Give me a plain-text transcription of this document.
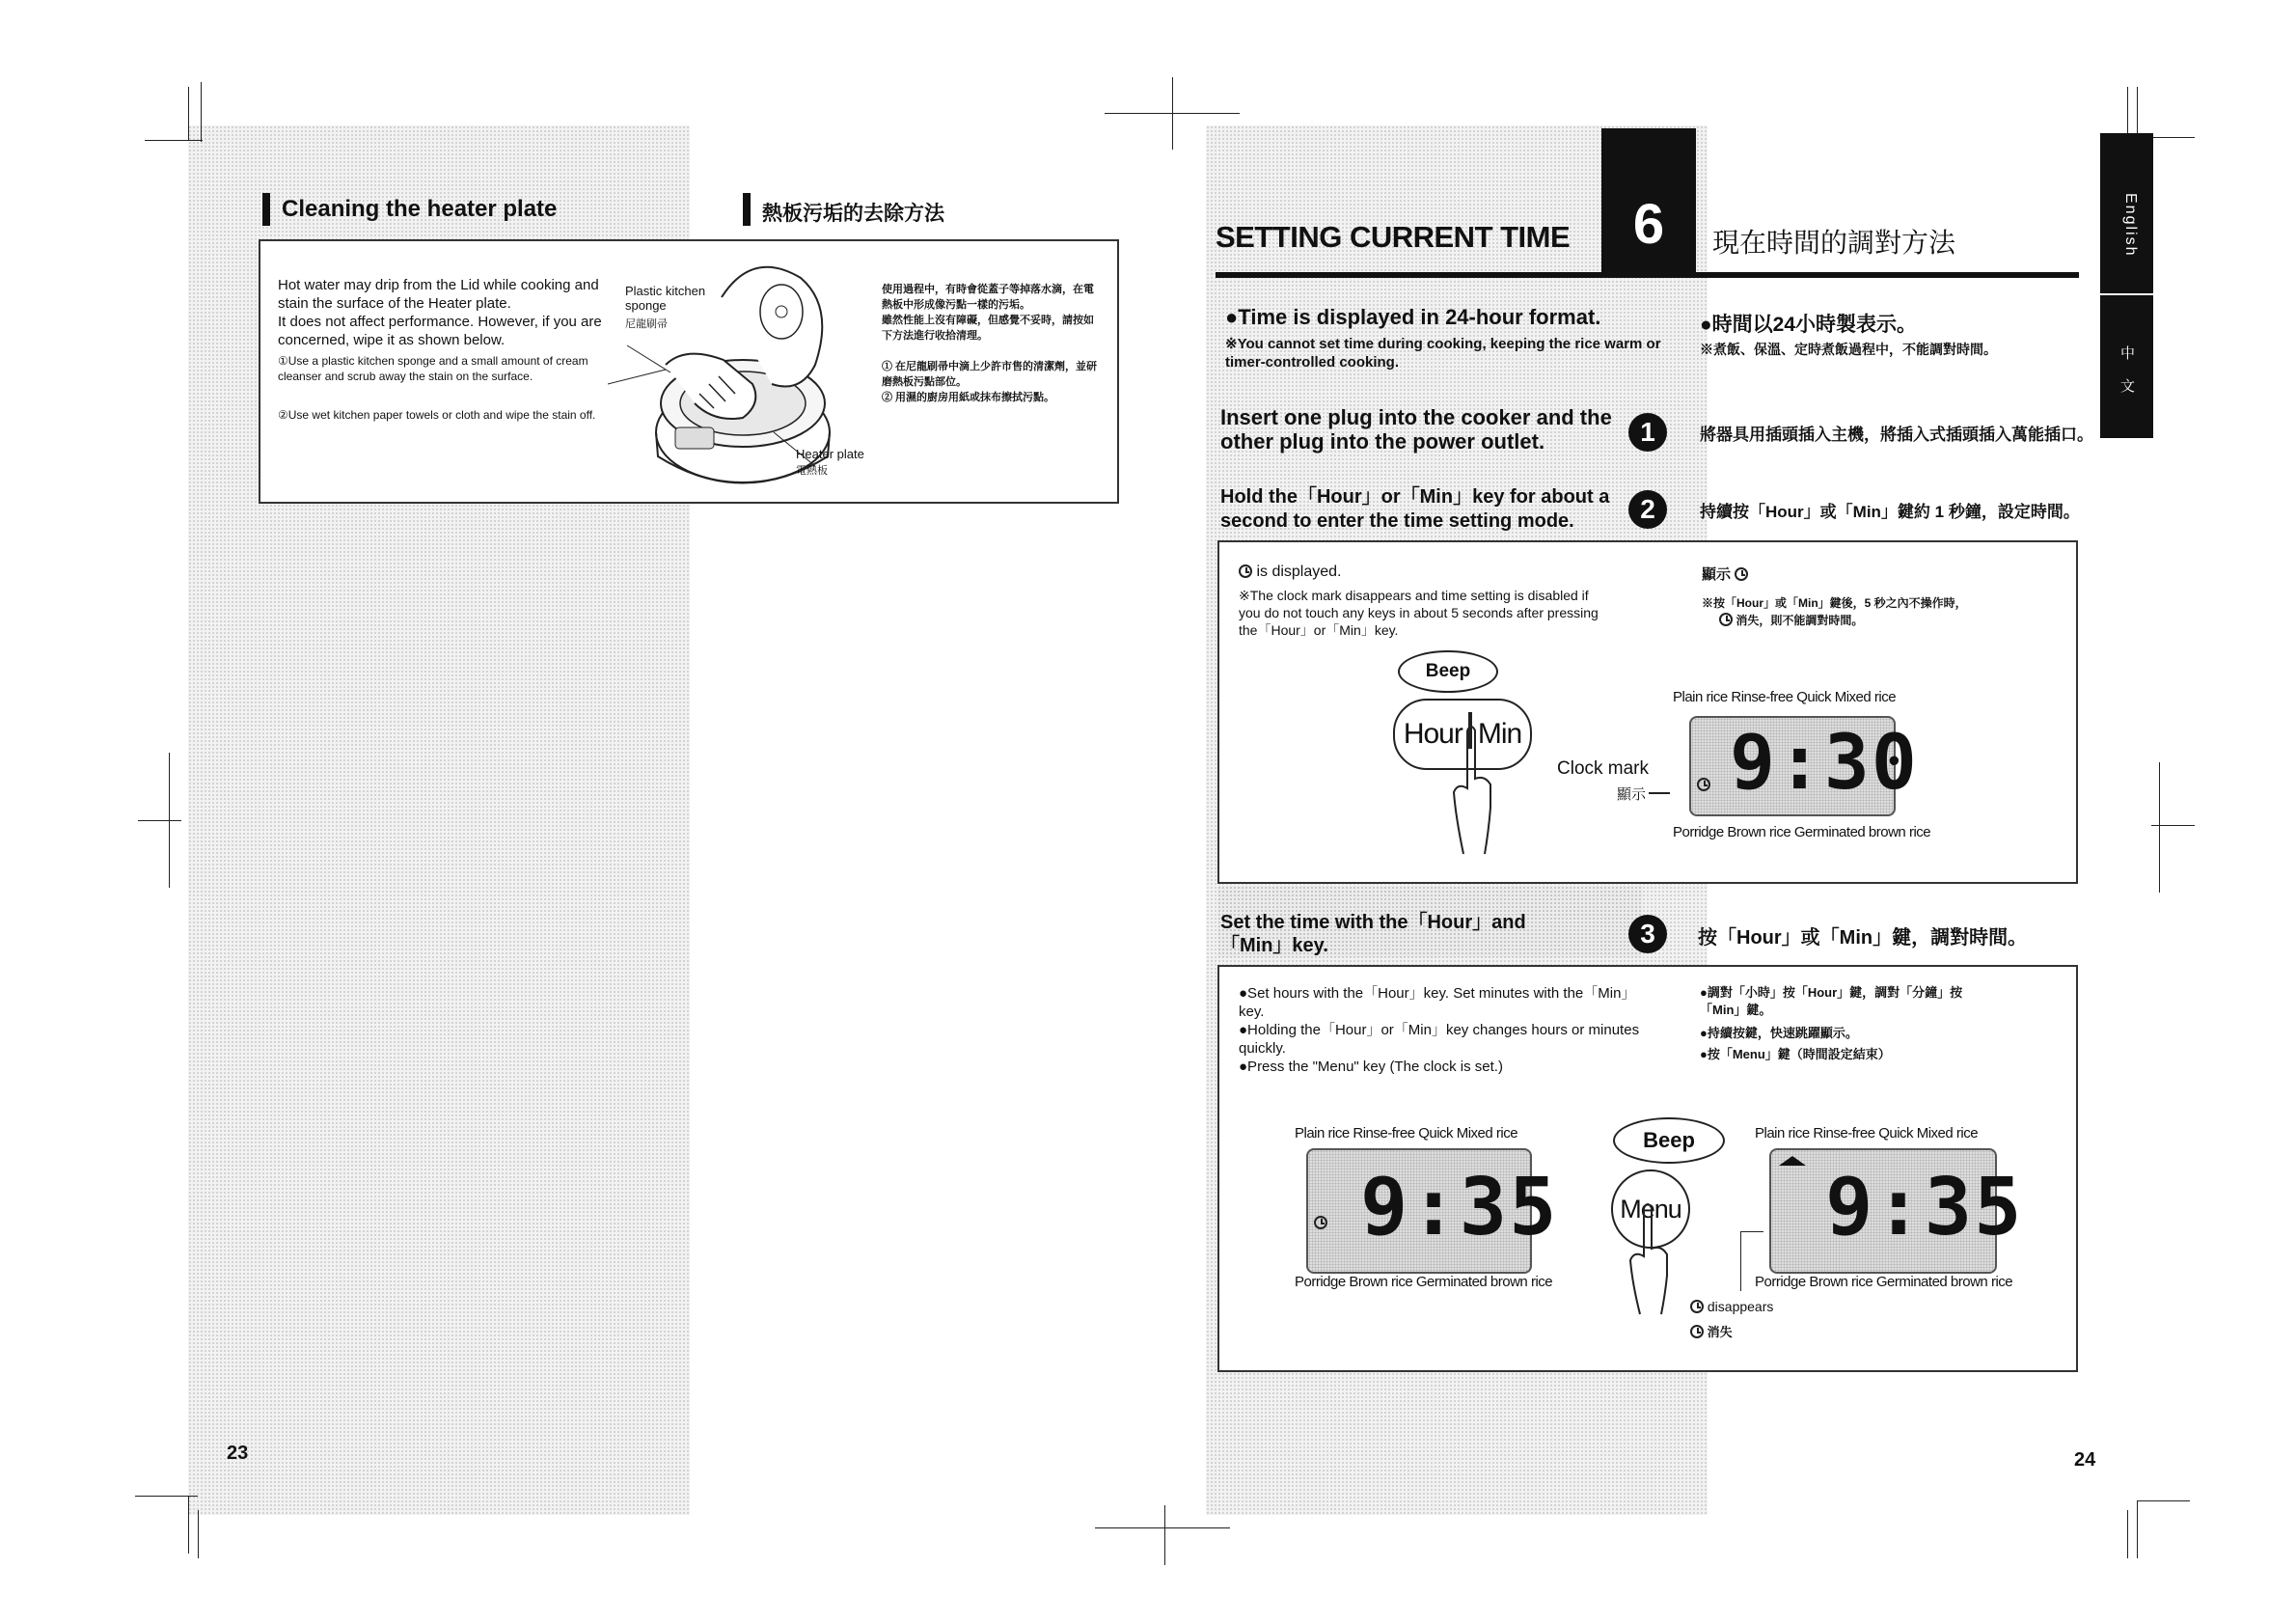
Cleaning the heater plate	熱板污垢的去除方法
Hot water may drip from the Lid while cooking and stain the surface of the Heater plate.
It does not affect performance. However, if you are concerned, wipe it as shown below.
①Use a plastic kitchen sponge and a small amount of cream cleanser and scrub away the stain on the surface.
②Use wet kitchen paper towels or cloth and wipe the stain off.
Plastic kitchen sponge
尼龍刷帚
Heater plate
電熱板
使用過程中，有時會從蓋子等掉落水滴，在電熱板中形成像污點一樣的污垢。
雖然性能上沒有障礙，但感覺不妥時，請按如下方法進行收拾清理。
① 在尼龍刷帚中滴上少許市售的清潔劑，並研磨熱板污點部位。
② 用濕的廚房用紙或抹布擦拭污點。
23
SETTING CURRENT TIME	6	現在時間的調對方法	English
中 文
●Time is displayed in 24-hour format.
※You cannot set time during cooking, keeping the rice warm or timer-controlled cooking.
●時間以24小時製表示。
※煮飯、保溫、定時煮飯過程中，不能調對時間。
Insert one plug into the cooker and the other plug into the power outlet.	1	將器具用插頭插入主機，將插入式插頭插入萬能插口。
Hold the「Hour」or「Min」key for about a second to enter the time setting mode.	2	持續按「Hour」或「Min」鍵約 1 秒鐘，設定時間。
is displayed.
※The clock mark disappears and time setting is disabled if you do not touch any keys in about 5 seconds after pressing the「Hour」or「Min」key.
顯示
※按「Hour」或「Min」鍵後，5 秒之內不操作時，
消失，則不能調對時間。
Beep
Hour Min
Clock mark
顯示
Plain rice Rinse-free Quick Mixed rice
9:30
Porridge Brown rice Germinated brown rice
Set the time with the「Hour」and「Min」key.	3	按「Hour」或「Min」鍵，調對時間。
●Set hours with the「Hour」key. Set minutes with the「Min」key.
●Holding the「Hour」or「Min」key changes hours or minutes quickly.
●Press the "Menu" key (The clock is set.)
●調對「小時」按「Hour」鍵，調對「分鐘」按「Min」鍵。
●持續按鍵，快速跳躍顯示。
●按「Menu」鍵（時間設定結束）
Plain rice Rinse-free Quick Mixed rice
9:35
Porridge Brown rice Germinated brown rice
Beep
Menu
Plain rice Rinse-free Quick Mixed rice
9:35
Porridge Brown rice Germinated brown rice
disappears
消失
24
